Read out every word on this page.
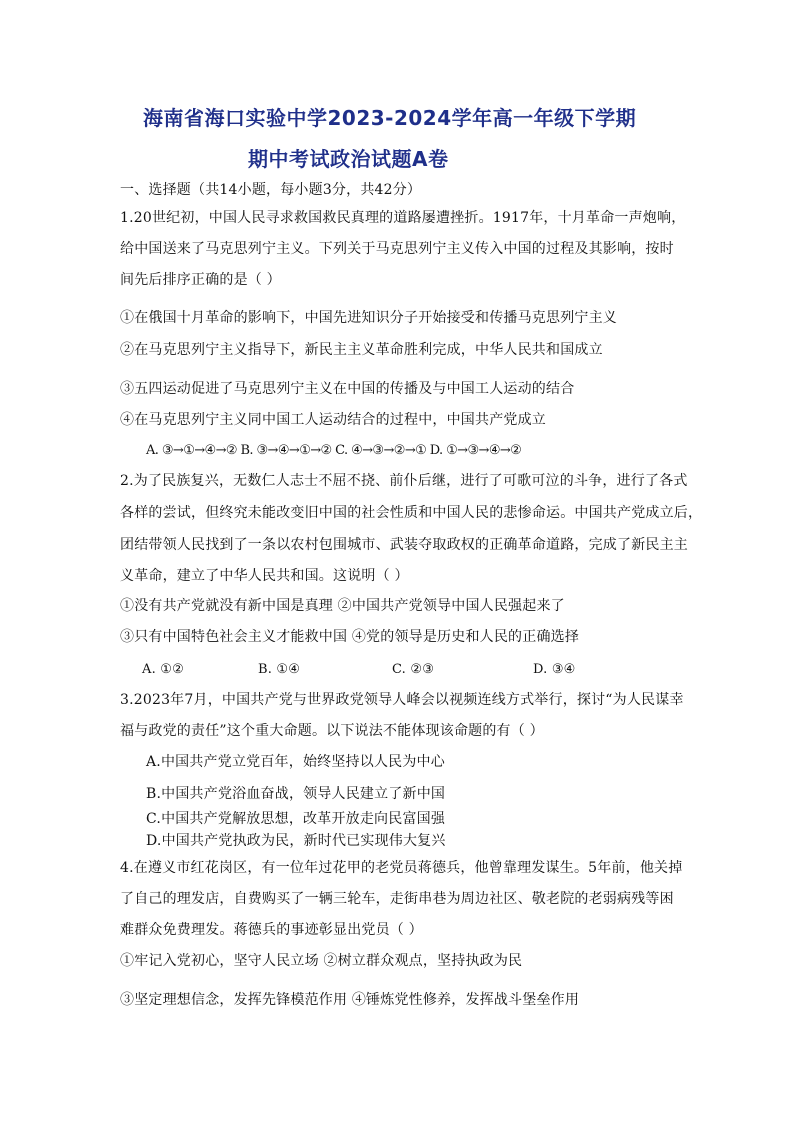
海南省海口实验中学2023-2024学年高一年级下学期
期中考试政治试题A卷
一、选择题（共14小题，每小题3分，共42分）
1.20世纪初，中国人民寻求救国救民真理的道路屡遭挫折。1917年，十月革命一声炮响，
给中国送来了马克思列宁主义。下列关于马克思列宁主义传入中国的过程及其影响，按时
间先后排序正确的是（ ）
①在俄国十月革命的影响下，中国先进知识分子开始接受和传播马克思列宁主义
②在马克思列宁主义指导下，新民主主义革命胜利完成，中华人民共和国成立
③五四运动促进了马克思列宁主义在中国的传播及与中国工人运动的结合
④在马克思列宁主义同中国工人运动结合的过程中，中国共产党成立
A. ③→①→④→② B. ③→④→①→② C. ④→③→②→① D. ①→③→④→②
2.为了民族复兴，无数仁人志士不屈不挠、前仆后继，进行了可歌可泣的斗争，进行了各式
各样的尝试，但终究未能改变旧中国的社会性质和中国人民的悲惨命运。中国共产党成立后，
团结带领人民找到了一条以农村包围城市、武装夺取政权的正确革命道路，完成了新民主主
义革命，建立了中华人民共和国。这说明（ ）
①没有共产党就没有新中国是真理 ②中国共产党领导中国人民强起来了
③只有中国特色社会主义才能救中国 ④党的领导是历史和人民的正确选择
A. ①②	B. ①④	C. ②③	D. ③④
3.2023年7月，中国共产党与世界政党领导人峰会以视频连线方式举行，探讨“为人民谋幸
福与政党的责任”这个重大命题。以下说法不能体现该命题的有（ ）
A.中国共产党立党百年，始终坚持以人民为中心
B.中国共产党浴血奋战，领导人民建立了新中国
C.中国共产党解放思想，改革开放走向民富国强
D.中国共产党执政为民，新时代已实现伟大复兴
4.在遵义市红花岗区，有一位年过花甲的老党员蒋德兵，他曾靠理发谋生。5年前，他关掉
了自己的理发店，自费购买了一辆三轮车，走街串巷为周边社区、敬老院的老弱病残等困
难群众免费理发。蒋德兵的事迹彰显出党员（ ）
①牢记入党初心，坚守人民立场 ②树立群众观点，坚持执政为民
③坚定理想信念，发挥先锋模范作用 ④锤炼党性修养，发挥战斗堡垒作用
